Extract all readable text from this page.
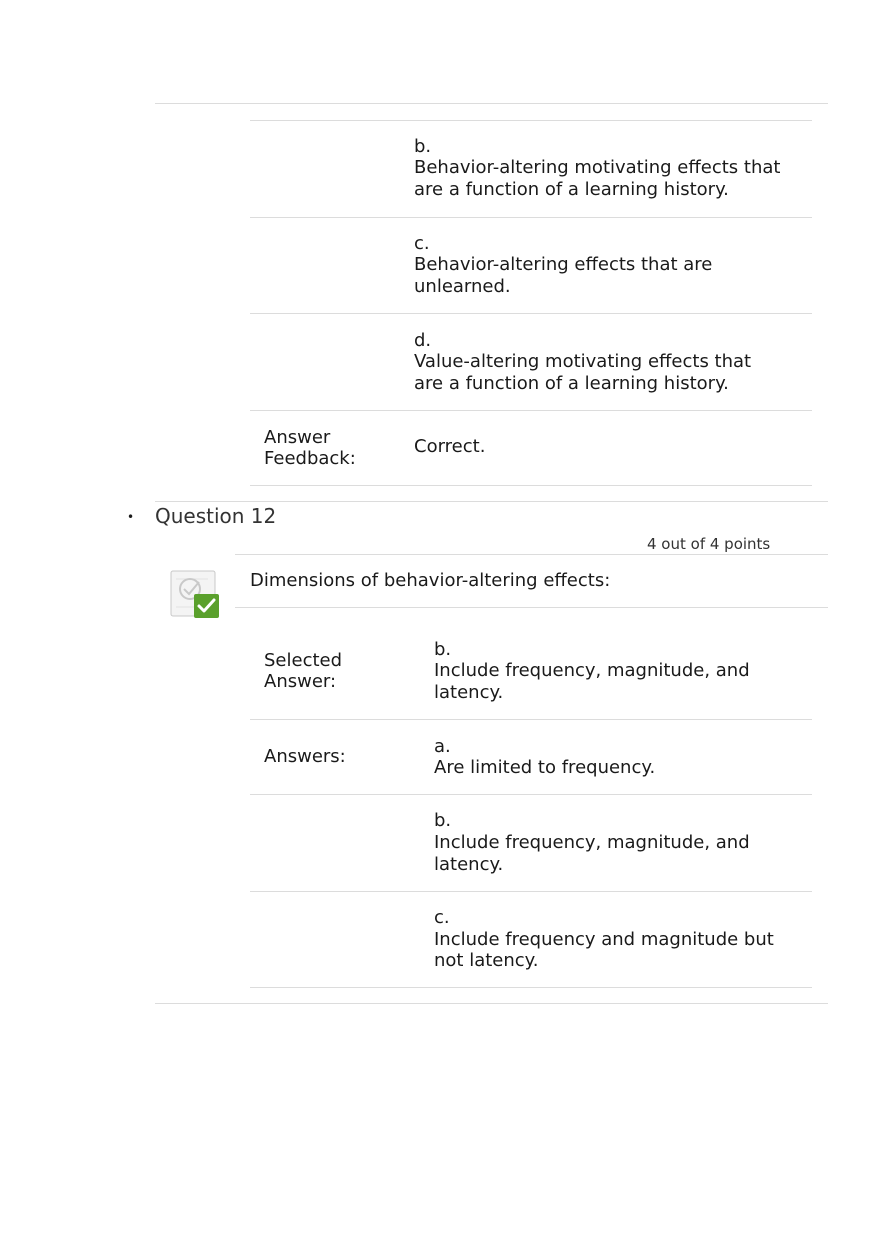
b.
Behavior-altering motivating effects that
are a function of a learning history.
c.
Behavior-altering effects that are
unlearned.
d.
Value-altering motivating effects that
are a function of a learning history.
Answer
Feedback:
Correct.
• Question 12
4 out of 4 points
Dimensions of behavior-altering effects:
Selected
Answer:
b.
Include frequency, magnitude, and
latency.
Answers:	a.
Are limited to frequency.
b.
Include frequency, magnitude, and
latency.
c.
Include frequency and magnitude but
not latency.
